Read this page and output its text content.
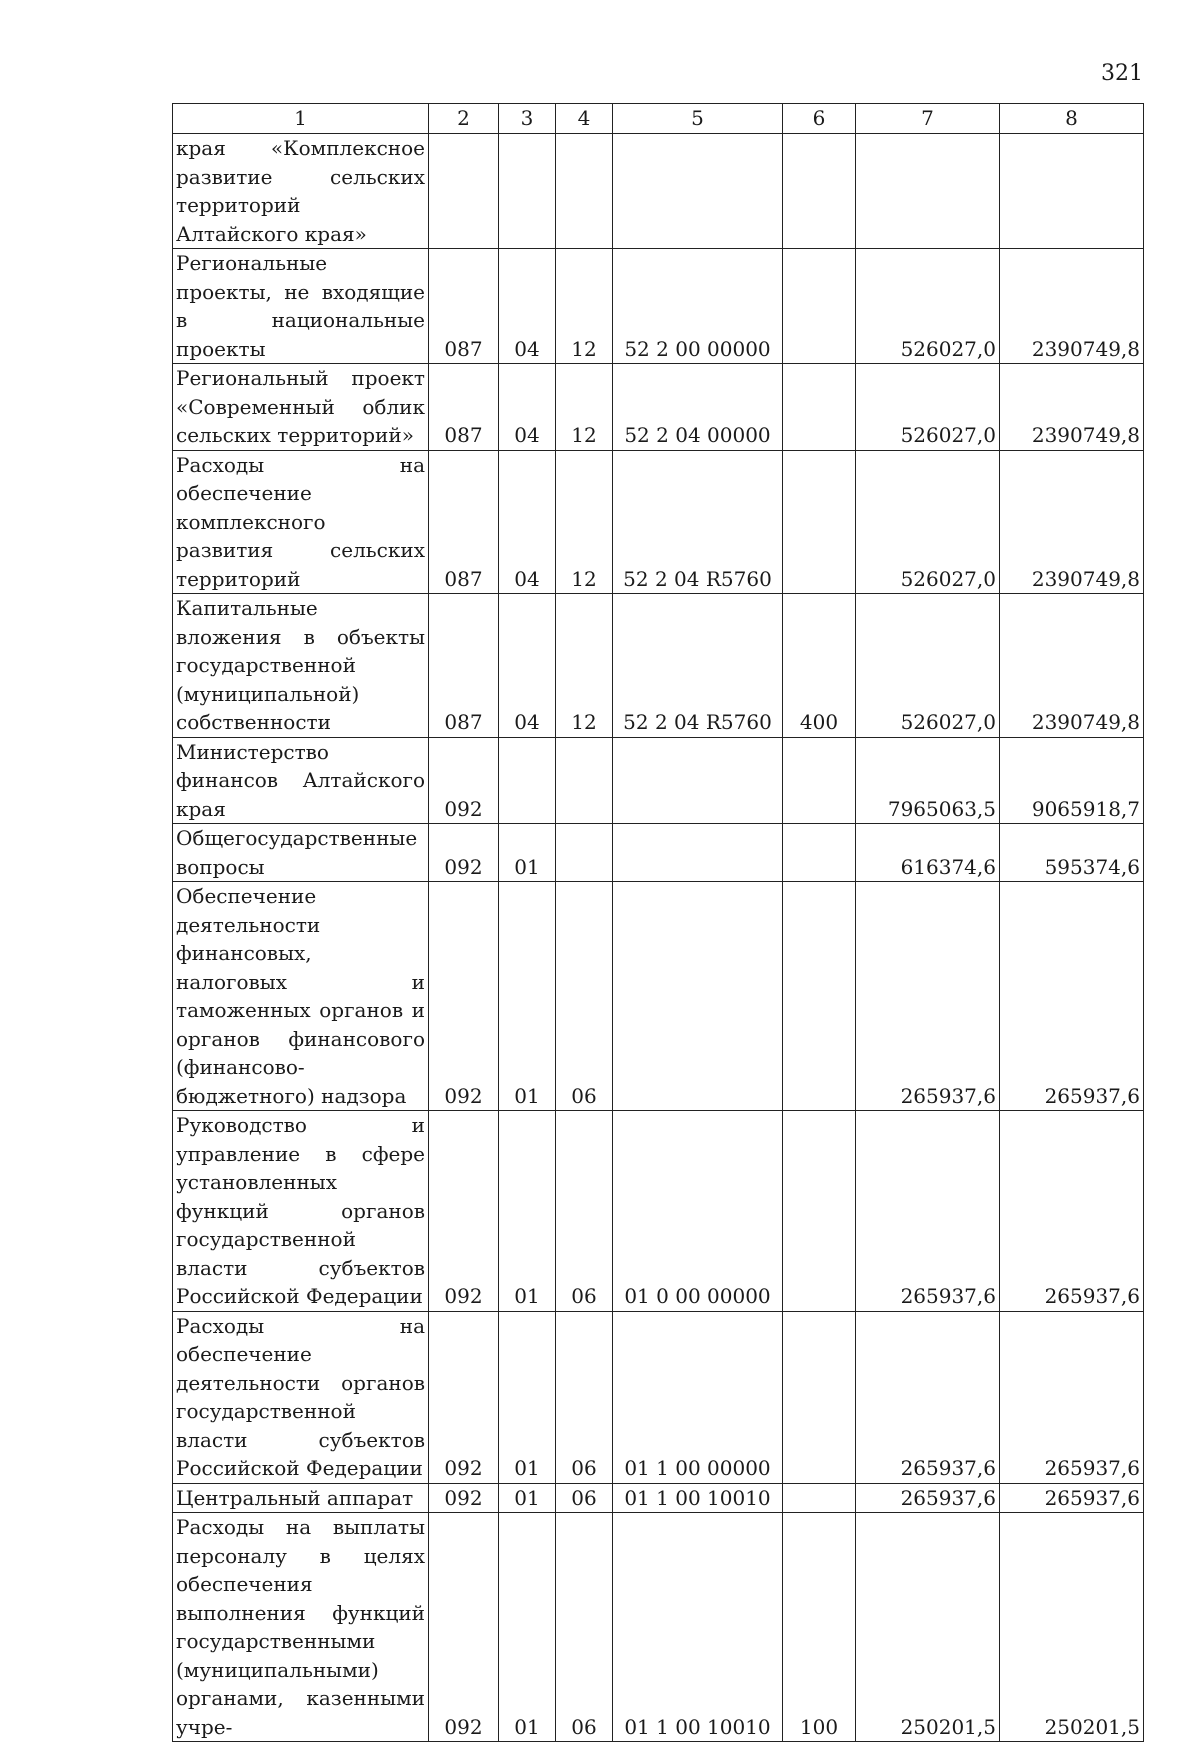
321
1	2	3	4	5	6	7	8
края «Комплексное развитие сельских территорий Алтайского края»							
Региональные проекты, не входящие в национальные проекты	087	04	12	52 2 00 00000		526027,0	2390749,8
Региональный проект «Современный облик сельских территорий»	087	04	12	52 2 04 00000		526027,0	2390749,8
Расходы на обеспечение комплексного развития сельских территорий	087	04	12	52 2 04 R5760		526027,0	2390749,8
Капитальные вложения в объекты государственной (муниципальной) собственности	087	04	12	52 2 04 R5760	400	526027,0	2390749,8
Министерство финансов Алтайского края	092					7965063,5	9065918,7
Общегосударственные вопросы	092	01				616374,6	595374,6
Обеспечение деятельности финансовых, налоговых и таможенных органов и органов финансового (финансово-бюджетного) надзора	092	01	06			265937,6	265937,6
Руководство и управление в сфере установленных функций органов государственной власти субъектов Российской Федерации	092	01	06	01 0 00 00000		265937,6	265937,6
Расходы на обеспечение деятельности органов государственной власти субъектов Российской Федерации	092	01	06	01 1 00 00000		265937,6	265937,6
Центральный аппарат	092	01	06	01 1 00 10010		265937,6	265937,6
Расходы на выплаты персоналу в целях обеспечения выполнения функций государственными (муниципальными) органами, казенными учре-	092	01	06	01 1 00 10010	100	250201,5	250201,5
